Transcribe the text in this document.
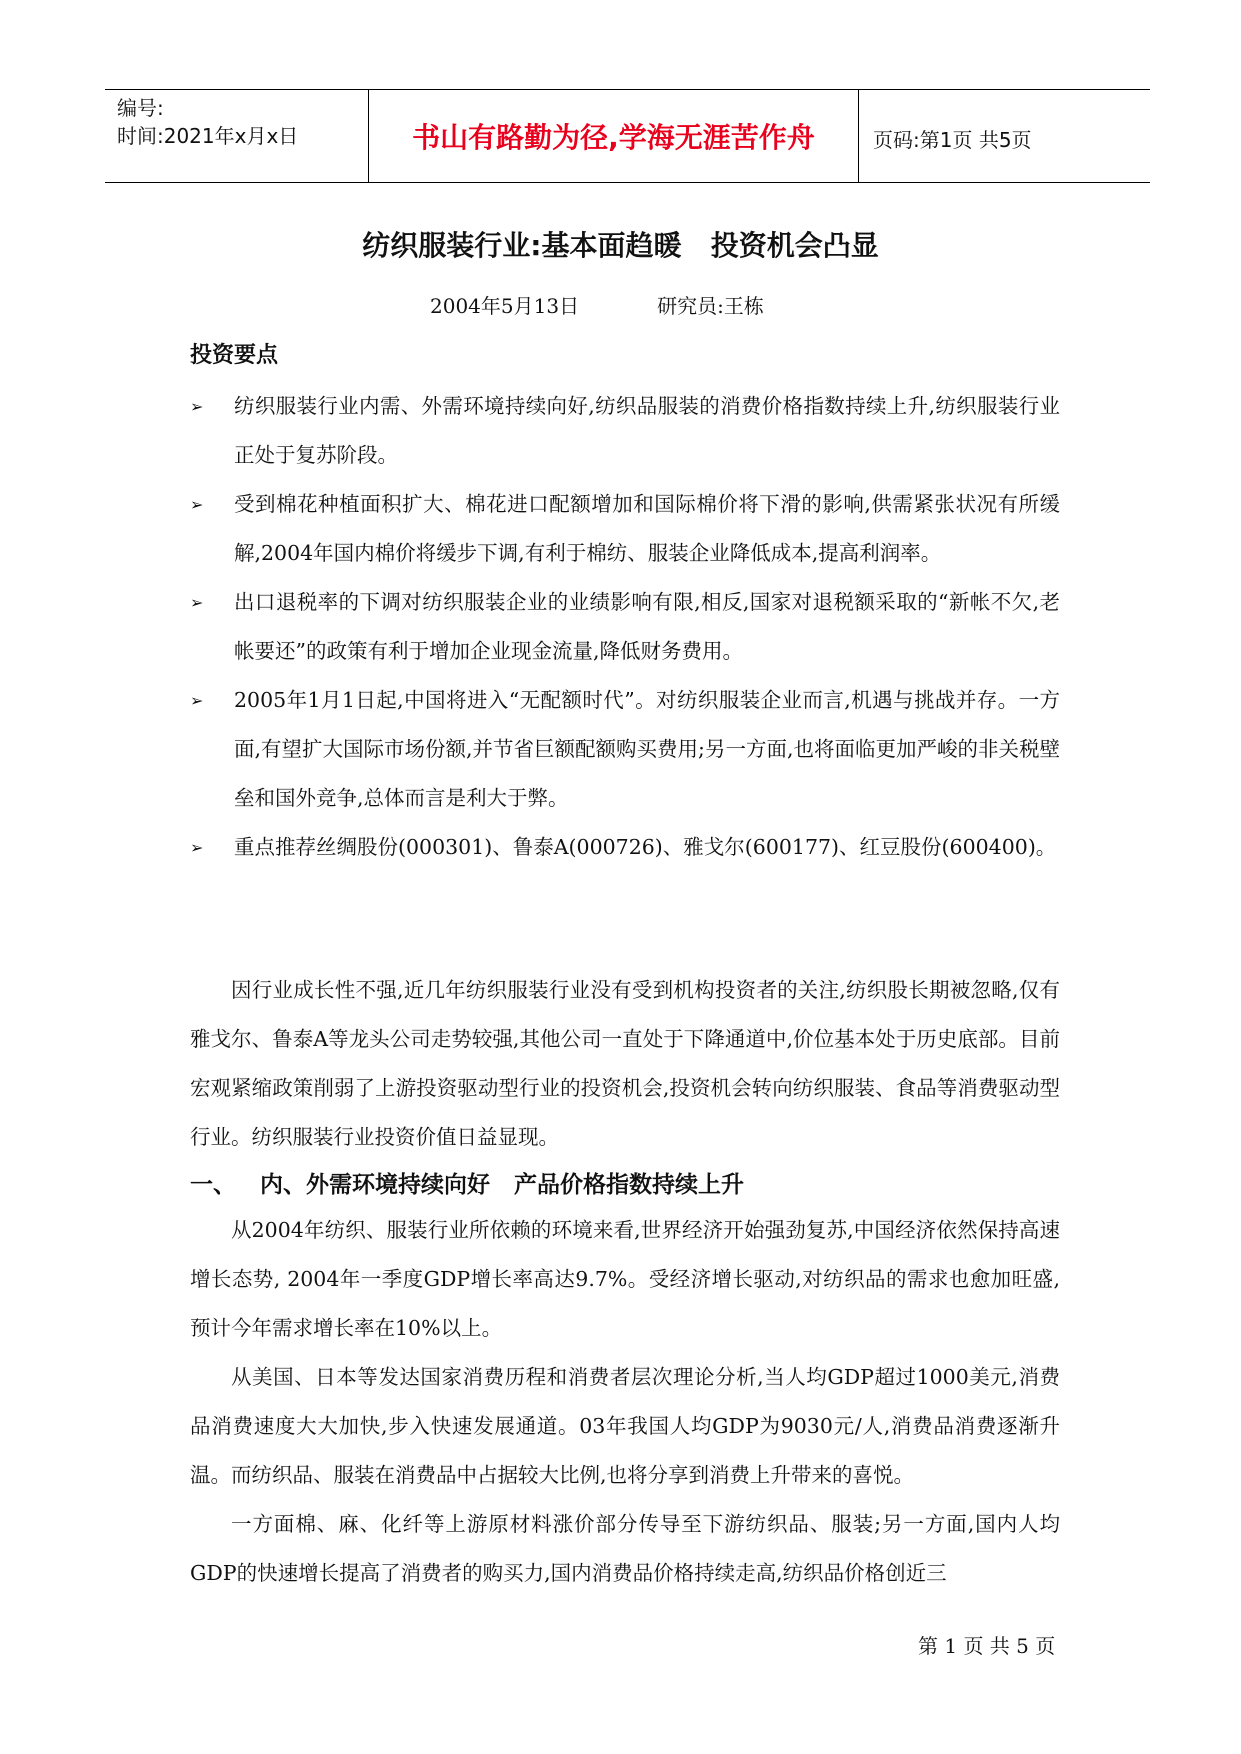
编号:
时间:2021年x月x日	书山有路勤为径,学海无涯苦作舟	页码:第1页 共5页
纺织服装行业:基本面趋暖   投资机会凸显
2004年5月13日	研究员:王栋
投资要点
➢ 纺织服装行业内需、外需环境持续向好,纺织品服装的消费价格指数持续上升,纺织服装行业正处于复苏阶段。
➢ 受到棉花种植面积扩大、棉花进口配额增加和国际棉价将下滑的影响,供需紧张状况有所缓解,2004年国内棉价将缓步下调,有利于棉纺、服装企业降低成本,提高利润率。
➢ 出口退税率的下调对纺织服装企业的业绩影响有限,相反,国家对退税额采取的“新帐不欠,老帐要还”的政策有利于增加企业现金流量,降低财务费用。
➢ 2005年1月1日起,中国将进入“无配额时代”。对纺织服装企业而言,机遇与挑战并存。一方面,有望扩大国际市场份额,并节省巨额配额购买费用;另一方面,也将面临更加严峻的非关税壁垒和国外竞争,总体而言是利大于弊。
➢ 重点推荐丝绸股份(000301)、鲁泰A(000726)、雅戈尔(600177)、红豆股份(600400)。

因行业成长性不强,近几年纺织服装行业没有受到机构投资者的关注,纺织股长期被忽略,仅有雅戈尔、鲁泰A等龙头公司走势较强,其他公司一直处于下降通道中,价位基本处于历史底部。目前宏观紧缩政策削弱了上游投资驱动型行业的投资机会,投资机会转向纺织服装、食品等消费驱动型行业。纺织服装行业投资价值日益显现。

一、   内、外需环境持续向好   产品价格指数持续上升

从2004年纺织、服装行业所依赖的环境来看,世界经济开始强劲复苏,中国经济依然保持高速增长态势, 2004年一季度GDP增长率高达9.7%。受经济增长驱动,对纺织品的需求也愈加旺盛,预计今年需求增长率在10%以上。

从美国、日本等发达国家消费历程和消费者层次理论分析,当人均GDP超过1000美元,消费品消费速度大大加快,步入快速发展通道。03年我国人均GDP为9030元/人,消费品消费逐渐升温。而纺织品、服装在消费品中占据较大比例,也将分享到消费上升带来的喜悦。

一方面棉、麻、化纤等上游原材料涨价部分传导至下游纺织品、服装;另一方面,国内人均GDP的快速增长提高了消费者的购买力,国内消费品价格持续走高,纺织品价格创近三

第 1 页 共 5 页
